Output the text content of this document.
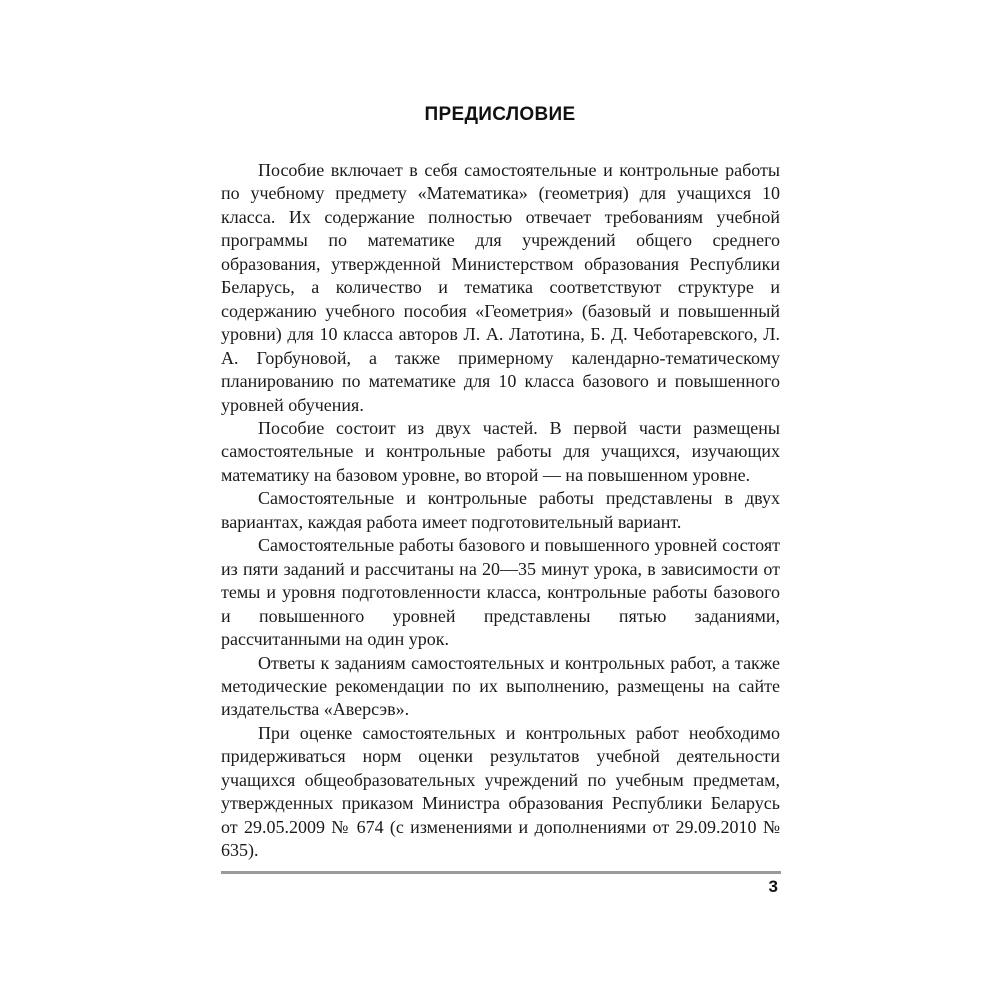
ПРЕДИСЛОВИЕ

Пособие включает в себя самостоятельные и контрольные работы по учебному предмету «Математика» (геометрия) для учащихся 10 класса. Их содержание полностью отвечает требованиям учебной программы по математике для учреждений общего среднего образования, утвержденной Министерством образования Республики Беларусь, а количество и тематика соответствуют структуре и содержанию учебного пособия «Геометрия» (базовый и повышенный уровни) для 10 класса авторов Л. А. Латотина, Б. Д. Чеботаревского, Л. А. Горбуновой, а также примерному календарно-тематическому планированию по математике для 10 класса базового и повышенного уровней обучения.

Пособие состоит из двух частей. В первой части размещены самостоятельные и контрольные работы для учащихся, изучающих математику на базовом уровне, во второй — на повышенном уровне.

Самостоятельные и контрольные работы представлены в двух вариантах, каждая работа имеет подготовительный вариант.

Самостоятельные работы базового и повышенного уровней состоят из пяти заданий и рассчитаны на 20—35 минут урока, в зависимости от темы и уровня подготовленности класса, контрольные работы базового и повышенного уровней представлены пятью заданиями, рассчитанными на один урок.

Ответы к заданиям самостоятельных и контрольных работ, а также методические рекомендации по их выполнению, размещены на сайте издательства «Аверсэв».

При оценке самостоятельных и контрольных работ необходимо придерживаться норм оценки результатов учебной деятельности учащихся общеобразовательных учреждений по учебным предметам, утвержденных приказом Министра образования Республики Беларусь от 29.05.2009 № 674 (с изменениями и дополнениями от 29.09.2010 № 635).

3
